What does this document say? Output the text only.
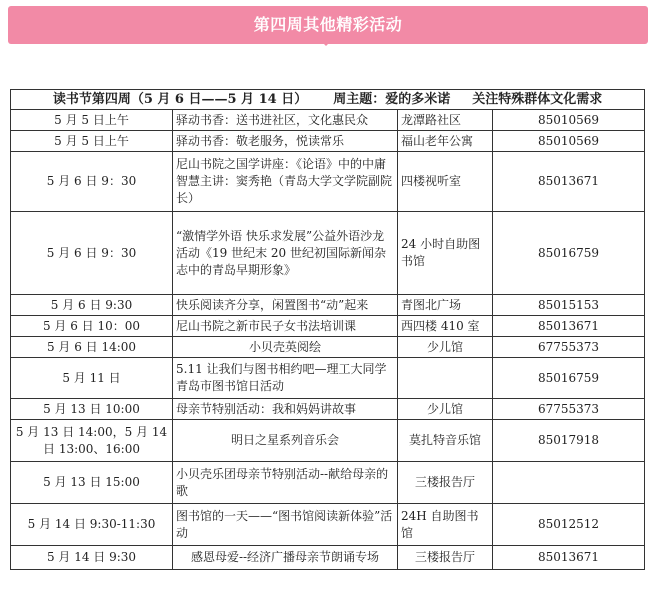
第四周其他精彩活动
读书节第四周（5 月 6 日——5 月 14 日） 周主题：爱的多米诺 关注特殊群体文化需求			
5 月 5 日上午	驿动书香：送书进社区，文化惠民众	龙潭路社区	85010569
5 月 5 日上午	驿动书香：敬老服务，悦读常乐	福山老年公寓	85010569
5 月 6 日 9：30	尼山书院之国学讲座：《论语》中的中庸智慧主讲：窦秀艳（青岛大学文学院副院长）	四楼视听室	85013671
5 月 6 日 9：30	“激情学外语 快乐求发展”公益外语沙龙活动《19 世纪末 20 世纪初国际新闻杂志中的青岛早期形象》	24 小时自助图书馆	85016759
5 月 6 日 9:30	快乐阅读齐分享，闲置图书“动”起来	青图北广场	85015153
5 月 6 日 10：00	尼山书院之新市民子女书法培训课	西四楼 410 室	85013671
5 月 6 日 14:00	小贝壳英阅绘	少儿馆	67755373
5 月 11 日	5.11 让我们与图书相约吧—理工大同学青岛市图书馆日活动		85016759
5 月 13 日 10:00	母亲节特别活动：我和妈妈讲故事	少儿馆	67755373
5 月 13 日 14:00，5 月 14 日 13:00、16:00	明日之星系列音乐会	莫扎特音乐馆	85017918
5 月 13 日 15:00	小贝壳乐团母亲节特别活动--献给母亲的歌	三楼报告厅	
5 月 14 日 9:30-11:30	图书馆的一天——“图书馆阅读新体验”活动	24H 自助图书馆	85012512
5 月 14 日 9:30	感恩母爱--经济广播母亲节朗诵专场	三楼报告厅	85013671
